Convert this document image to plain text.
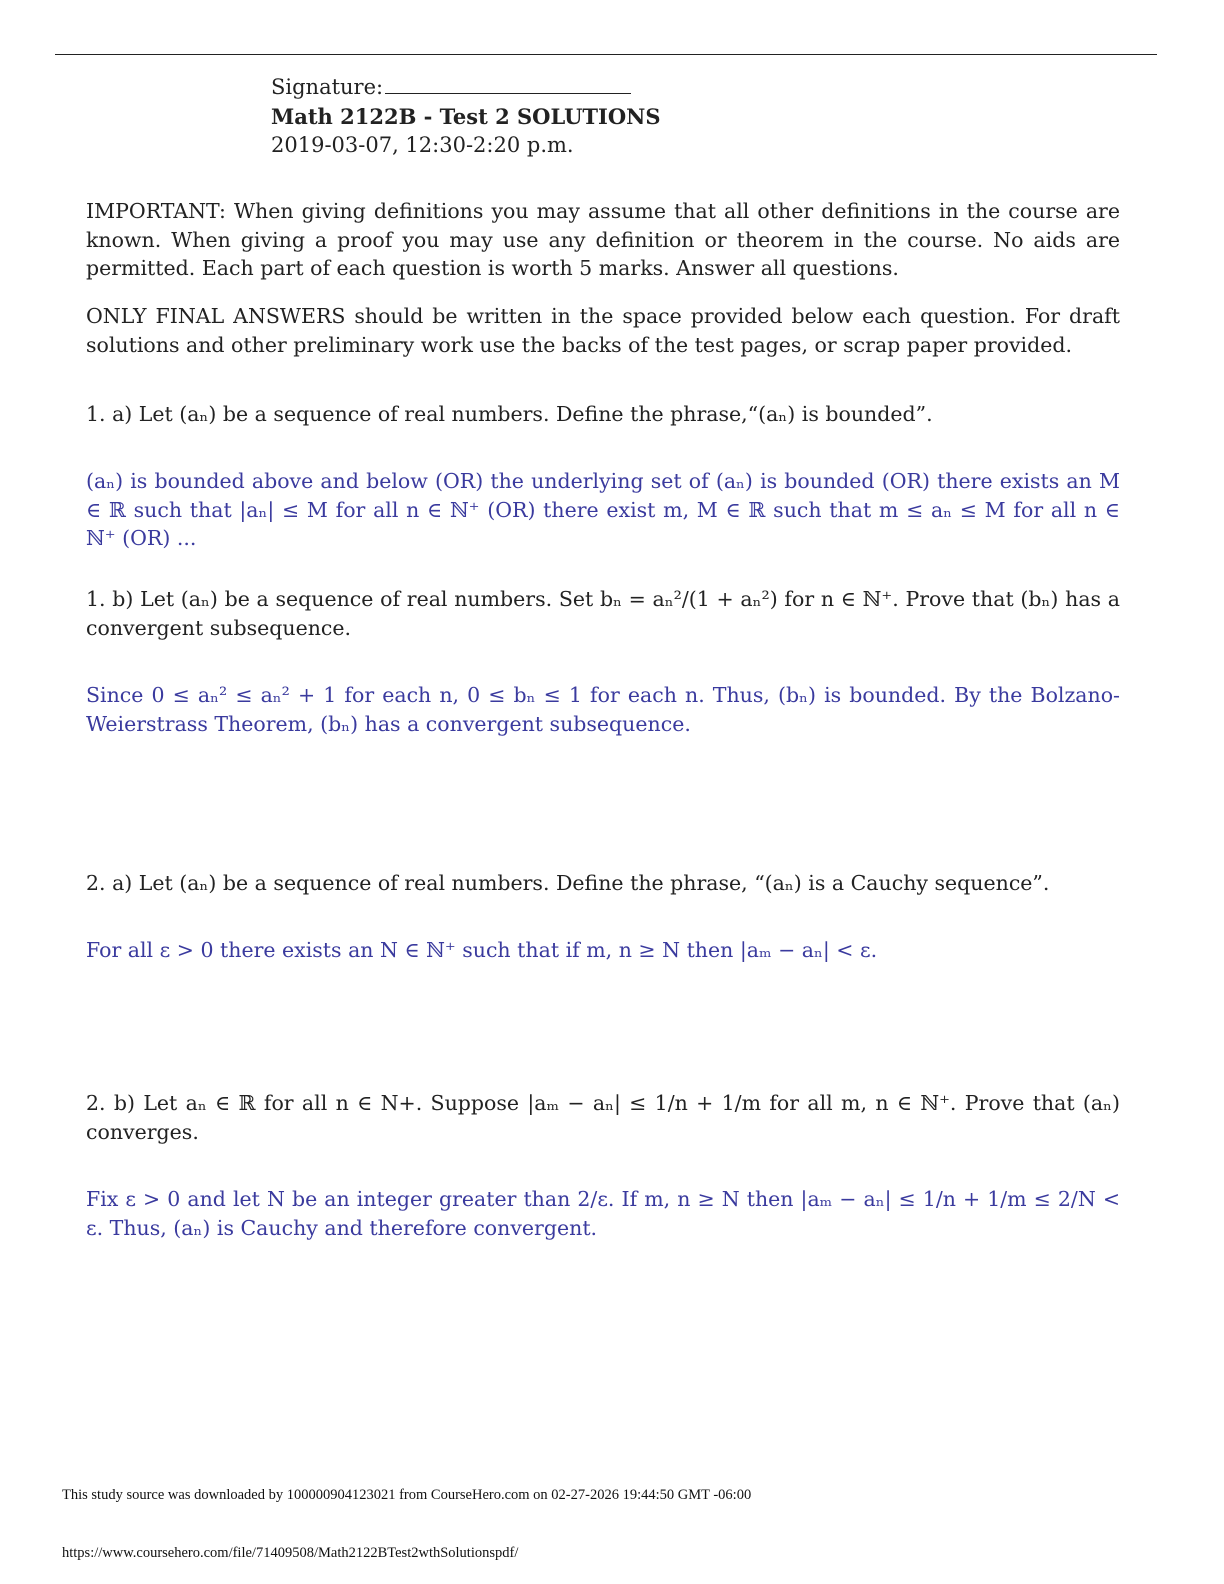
Signature:
Math 2122B - Test 2 SOLUTIONS
2019-03-07, 12:30-2:20 p.m.
IMPORTANT: When giving definitions you may assume that all other definitions in the course are known. When giving a proof you may use any definition or theorem in the course. No aids are permitted. Each part of each question is worth 5 marks. Answer all questions.
ONLY FINAL ANSWERS should be written in the space provided below each question. For draft solutions and other preliminary work use the backs of the test pages, or scrap paper provided.
1. a) Let (aₙ) be a sequence of real numbers. Define the phrase,“(aₙ) is bounded”.
(aₙ) is bounded above and below (OR) the underlying set of (aₙ) is bounded (OR) there exists an M ∈ ℝ such that |aₙ| ≤ M for all n ∈ ℕ⁺ (OR) there exist m, M ∈ ℝ such that m ≤ aₙ ≤ M for all n ∈ ℕ⁺ (OR) ...
1. b) Let (aₙ) be a sequence of real numbers. Set bₙ = aₙ²/(1 + aₙ²) for n ∈ ℕ⁺. Prove that (bₙ) has a convergent subsequence.
Since 0 ≤ aₙ² ≤ aₙ² + 1 for each n, 0 ≤ bₙ ≤ 1 for each n. Thus, (bₙ) is bounded. By the Bolzano-Weierstrass Theorem, (bₙ) has a convergent subsequence.
2. a) Let (aₙ) be a sequence of real numbers. Define the phrase, “(aₙ) is a Cauchy sequence”.
For all ε > 0 there exists an N ∈ ℕ⁺ such that if m, n ≥ N then |aₘ − aₙ| < ε.
2. b) Let aₙ ∈ ℝ for all n ∈ N+. Suppose |aₘ − aₙ| ≤ 1/n + 1/m for all m, n ∈ ℕ⁺. Prove that (aₙ) converges.
Fix ε > 0 and let N be an integer greater than 2/ε. If m, n ≥ N then |aₘ − aₙ| ≤ 1/n + 1/m ≤ 2/N < ε. Thus, (aₙ) is Cauchy and therefore convergent.
This study source was downloaded by 100000904123021 from CourseHero.com on 02-27-2026 19:44:50 GMT -06:00
https://www.coursehero.com/file/71409508/Math2122BTest2wthSolutionspdf/
